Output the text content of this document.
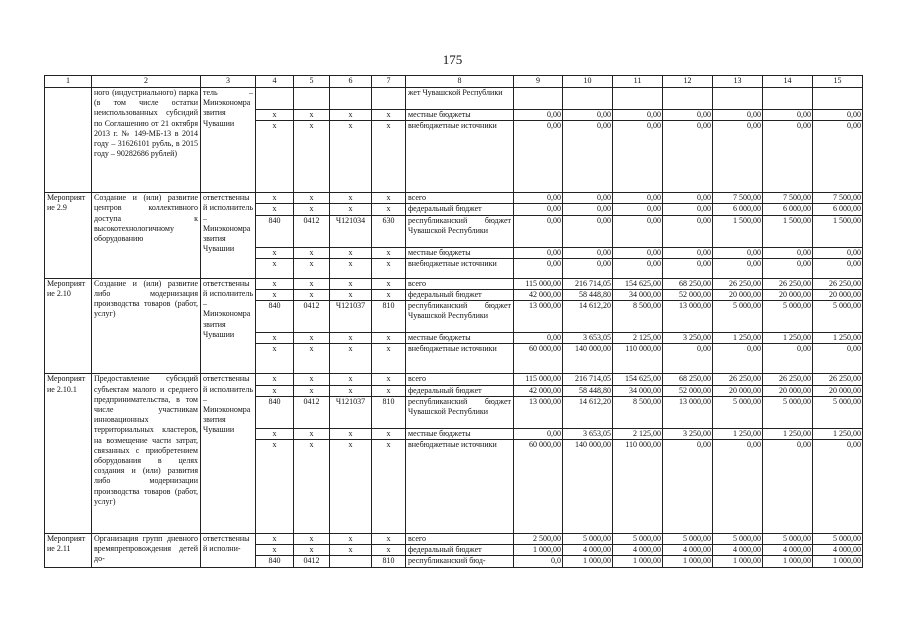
175
1	2	3	4	5	6	7	8	9	10	11	12	13	14	15
	ного (индустриального) парка (в том числе остатки неиспользованных субсидий по Соглашению от 21 октября 2013 г. № 149-МБ-13 в 2014 году – 31626101 рубль, в 2015 году – 90282686 рублей)	тель – Минэкономразвития Чувашии					жет Чувашской Республики							
			x	x	x	x	местные бюджеты	0,00	0,00	0,00	0,00	0,00	0,00	0,00
			x	x	x	x	внебюджетные источники	0,00	0,00	0,00	0,00	0,00	0,00	0,00
Мероприятие 2.9	Создание и (или) развитие центров коллективного доступа к высокотехнологичному оборудованию	ответственный исполнитель – Минэкономразвития Чувашии	x	x	x	x	всего	0,00	0,00	0,00	0,00	7 500,00	7 500,00	7 500,00
			x	x	x	x	федеральный бюджет	0,00	0,00	0,00	0,00	6 000,00	6 000,00	6 000,00
			840	0412	Ч121034	630	республиканский бюджет Чувашской Республики	0,00	0,00	0,00	0,00	1 500,00	1 500,00	1 500,00
			x	x	x	x	местные бюджеты	0,00	0,00	0,00	0,00	0,00	0,00	0,00
			x	x	x	x	внебюджетные источники	0,00	0,00	0,00	0,00	0,00	0,00	0,00
Мероприятие 2.10	Создание и (или) развитие либо модернизация производства товаров (работ, услуг)	ответственный исполнитель – Минэкономразвития Чувашии	x	x	x	x	всего	115 000,00	216 714,05	154 625,00	68 250,00	26 250,00	26 250,00	26 250,00
			x	x	x	x	федеральный бюджет	42 000,00	58 448,80	34 000,00	52 000,00	20 000,00	20 000,00	20 000,00
			840	0412	Ч121037	810	республиканский бюджет Чувашской Республики	13 000,00	14 612,20	8 500,00	13 000,00	5 000,00	5 000,00	5 000,00
			x	x	x	x	местные бюджеты	0,00	3 653,05	2 125,00	3 250,00	1 250,00	1 250,00	1 250,00
			x	x	x	x	внебюджетные источники	60 000,00	140 000,00	110 000,00	0,00	0,00	0,00	0,00
Мероприятие 2.10.1	Предоставление субсидий субъектам малого и среднего предпринимательства, в том числе участникам инновационных территориальных кластеров, на возмещение части затрат, связанных с приобретением оборудования в целях создания и (или) развития либо модернизации производства товаров (работ, услуг)	ответственный исполнитель – Минэкономразвития Чувашии	x	x	x	x	всего	115 000,00	216 714,05	154 625,00	68 250,00	26 250,00	26 250,00	26 250,00
			x	x	x	x	федеральный бюджет	42 000,00	58 448,80	34 000,00	52 000,00	20 000,00	20 000,00	20 000,00
			840	0412	Ч121037	810	республиканский бюджет Чувашской Республики	13 000,00	14 612,20	8 500,00	13 000,00	5 000,00	5 000,00	5 000,00
			x	x	x	x	местные бюджеты	0,00	3 653,05	2 125,00	3 250,00	1 250,00	1 250,00	1 250,00
			x	x	x	x	внебюджетные источники	60 000,00	140 000,00	110 000,00	0,00	0,00	0,00	0,00
Мероприятие 2.11	Организация групп дневного времяпрепровождения детей до-	ответственный исполни-	x	x	x	x	всего	2 500,00	5 000,00	5 000,00	5 000,00	5 000,00	5 000,00	5 000,00
			x	x	x	x	федеральный бюджет	1 000,00	4 000,00	4 000,00	4 000,00	4 000,00	4 000,00	4 000,00
			840	0412		810	республиканский бюд-	0,0	1 000,00	1 000,00	1 000,00	1 000,00	1 000,00	1 000,00
